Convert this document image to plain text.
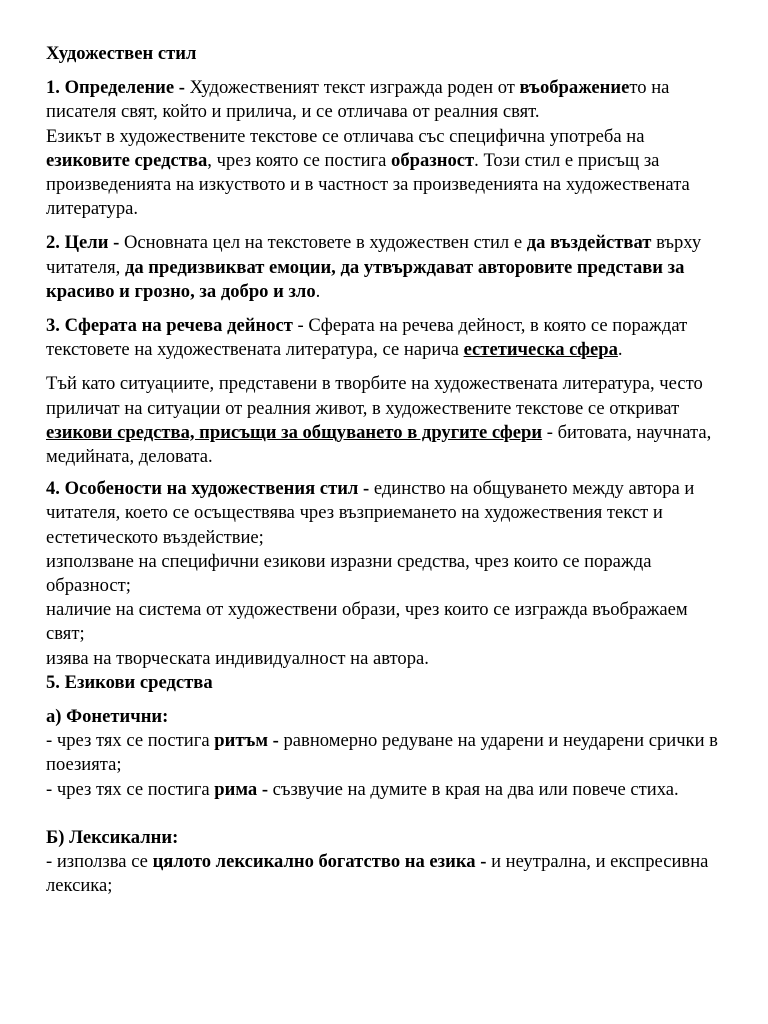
Художествен стил

1. Определение - Художественият текст изгражда роден от въображението на писателя свят, който и прилича, и се отличава от реалния свят.
Езикът в художествените текстове се отличава със специфична употреба на езиковите средства, чрез която се постига образност. Този стил е присъщ за произведенията на изкуството и в частност за произведенията на художествената литература.

2. Цели - Основната цел на текстовете в художествен стил е да въздействат върху читателя, да предизвикват емоции, да утвърждават авторовите представи за красиво и грозно, за добро и зло.

3. Сферата на речева дейност - Сферата на речева дейност, в която се пораждат текстовете на художествената литература, се нарича естетическа сфера.

Тъй като ситуациите, представени в творбите на художествената литература, често приличат на ситуации от реалния живот, в художествените текстове се откриват езикови средства, присъщи за общуването в другите сфери - битовата, научната, медийната, деловата.

4. Особености на художествения стил - единство на общуването между автора и читателя, което се осъществява чрез възприемането на художествения текст и естетическото въздействие;
използване на специфични езикови изразни средства, чрез които се поражда образност;
наличие на система от художествени образи, чрез които се изгражда въображаем свят;
изява на творческата индивидуалност на автора.

5. Езикови средства

а) Фонетични:
- чрез тях се постига ритъм - равномерно редуване на ударени и неударени срички в поезията;
- чрез тях се постига рима - съзвучие на думите в края на два или повече стиха.

Б) Лексикални:
- използва се цялото лексикално богатство на езика - и неутрална, и експресивна лексика;
